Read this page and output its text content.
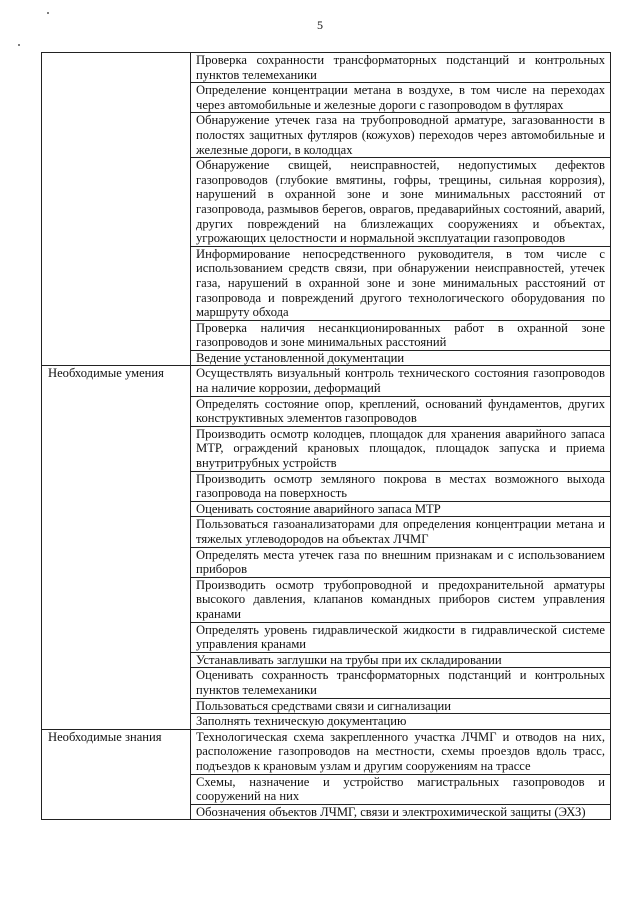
5
	Проверка сохранности трансформаторных подстанций и контрольных пунктов телемеханики
	Определение концентрации метана в воздухе, в том числе на переходах через автомобильные и железные дороги с газопроводом в футлярах
	Обнаружение утечек газа на трубопроводной арматуре, загазованности в полостях защитных футляров (кожухов) переходов через автомобильные и железные дороги, в колодцах
	Обнаружение свищей, неисправностей, недопустимых дефектов газопроводов (глубокие вмятины, гофры, трещины, сильная коррозия), нарушений в охранной зоне и зоне минимальных расстояний от газопровода, размывов берегов, оврагов, предаварийных состояний, аварий, других повреждений на близлежащих сооружениях и объектах, угрожающих целостности и нормальной эксплуатации газопроводов
	Информирование непосредственного руководителя, в том числе с использованием средств связи, при обнаружении неисправностей, утечек газа, нарушений в охранной зоне и зоне минимальных расстояний от газопровода и повреждений другого технологического оборудования по маршруту обхода
	Проверка наличия несанкционированных работ в охранной зоне газопроводов и зоне минимальных расстояний
	Ведение установленной документации
Необходимые умения	Осуществлять визуальный контроль технического состояния газопроводов на наличие коррозии, деформаций
	Определять состояние опор, креплений, оснований фундаментов, других конструктивных элементов газопроводов
	Производить осмотр колодцев, площадок для хранения аварийного запаса МТР, ограждений крановых площадок, площадок запуска и приема внутритрубных устройств
	Производить осмотр земляного покрова в местах возможного выхода газопровода на поверхность
	Оценивать состояние аварийного запаса МТР
	Пользоваться газоанализаторами для определения концентрации метана и тяжелых углеводородов на объектах ЛЧМГ
	Определять места утечек газа по внешним признакам и с использованием приборов
	Производить осмотр трубопроводной и предохранительной арматуры высокого давления, клапанов командных приборов систем управления кранами
	Определять уровень гидравлической жидкости в гидравлической системе управления кранами
	Устанавливать заглушки на трубы при их складировании
	Оценивать сохранность трансформаторных подстанций и контрольных пунктов телемеханики
	Пользоваться средствами связи и сигнализации
	Заполнять техническую документацию
Необходимые знания	Технологическая схема закрепленного участка ЛЧМГ и отводов на них, расположение газопроводов на местности, схемы проездов вдоль трасс, подъездов к крановым узлам и другим сооружениям на трассе
	Схемы, назначение и устройство магистральных газопроводов и сооружений на них
	Обозначения объектов ЛЧМГ, связи и электрохимической защиты (ЭХЗ)
